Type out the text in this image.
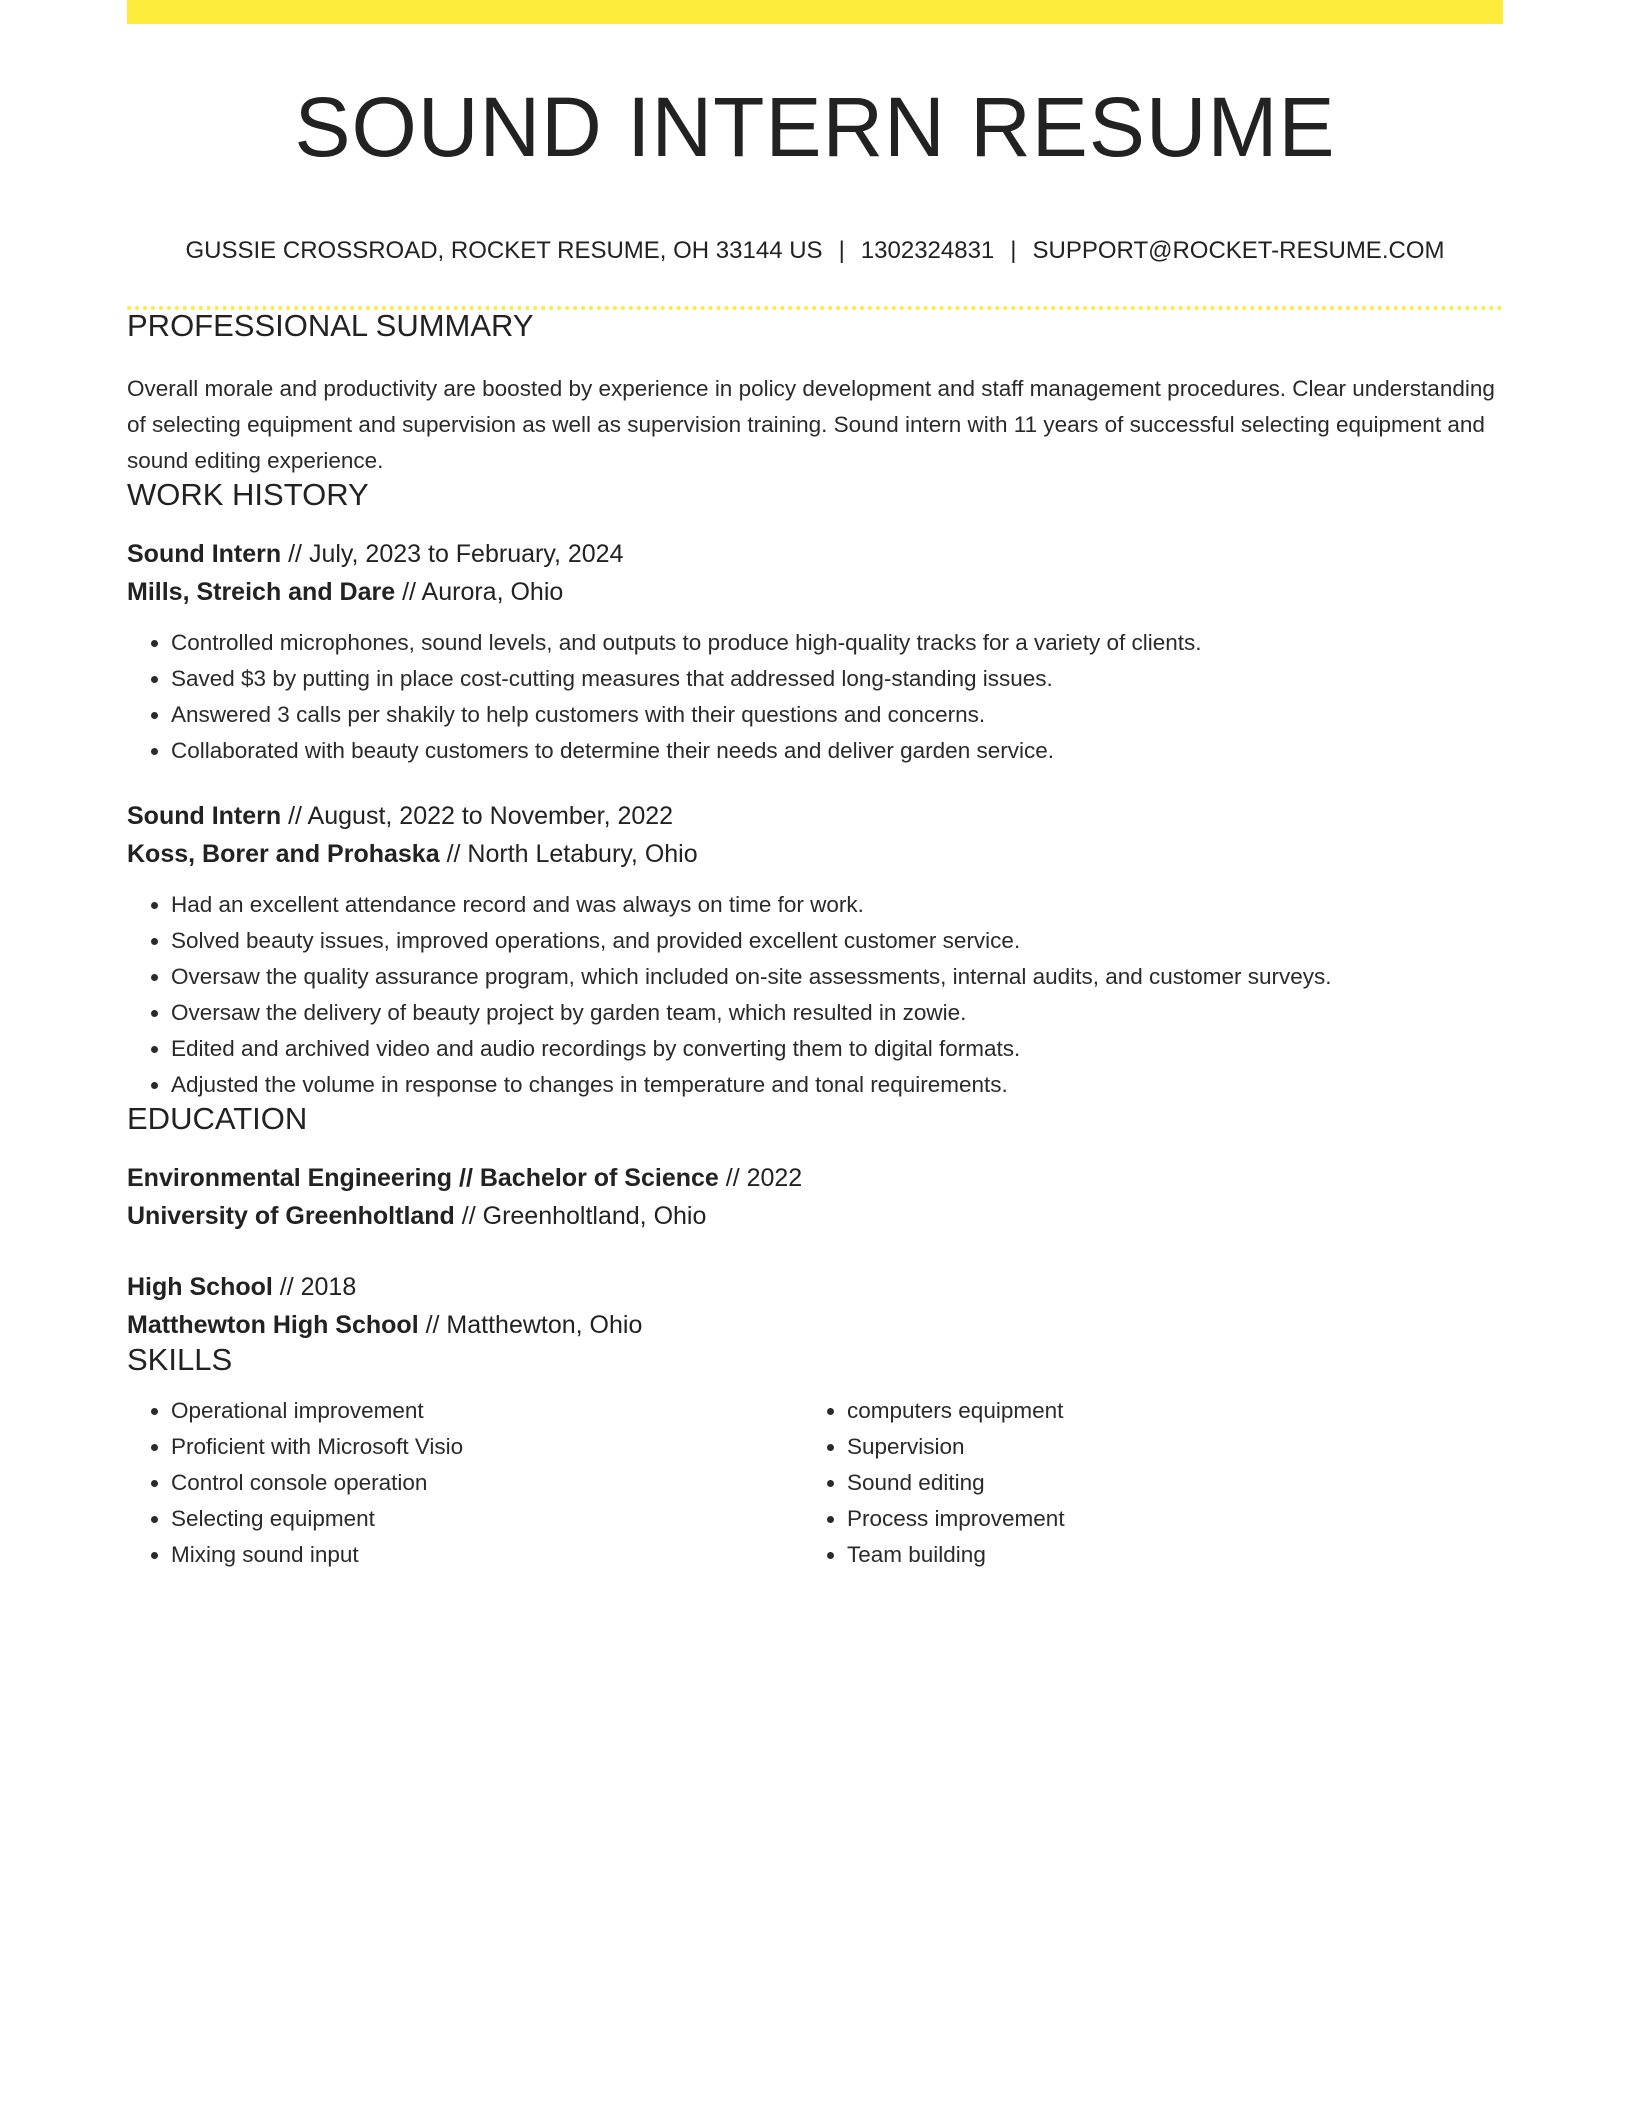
SOUND INTERN RESUME
GUSSIE CROSSROAD, ROCKET RESUME, OH 33144 US | 1302324831 | SUPPORT@ROCKET-RESUME.COM
PROFESSIONAL SUMMARY
Overall morale and productivity are boosted by experience in policy development and staff management procedures. Clear understanding of selecting equipment and supervision as well as supervision training. Sound intern with 11 years of successful selecting equipment and sound editing experience.
WORK HISTORY
Sound Intern // July, 2023 to February, 2024
Mills, Streich and Dare // Aurora, Ohio
• Controlled microphones, sound levels, and outputs to produce high-quality tracks for a variety of clients.
• Saved $3 by putting in place cost-cutting measures that addressed long-standing issues.
• Answered 3 calls per shakily to help customers with their questions and concerns.
• Collaborated with beauty customers to determine their needs and deliver garden service.
Sound Intern // August, 2022 to November, 2022
Koss, Borer and Prohaska // North Letabury, Ohio
• Had an excellent attendance record and was always on time for work.
• Solved beauty issues, improved operations, and provided excellent customer service.
• Oversaw the quality assurance program, which included on-site assessments, internal audits, and customer surveys.
• Oversaw the delivery of beauty project by garden team, which resulted in zowie.
• Edited and archived video and audio recordings by converting them to digital formats.
• Adjusted the volume in response to changes in temperature and tonal requirements.
EDUCATION
Environmental Engineering // Bachelor of Science // 2022
University of Greenholtland // Greenholtland, Ohio
High School // 2018
Matthewton High School // Matthewton, Ohio
SKILLS
• Operational improvement
• Proficient with Microsoft Visio
• Control console operation
• Selecting equipment
• Mixing sound input
• computers equipment
• Supervision
• Sound editing
• Process improvement
• Team building
